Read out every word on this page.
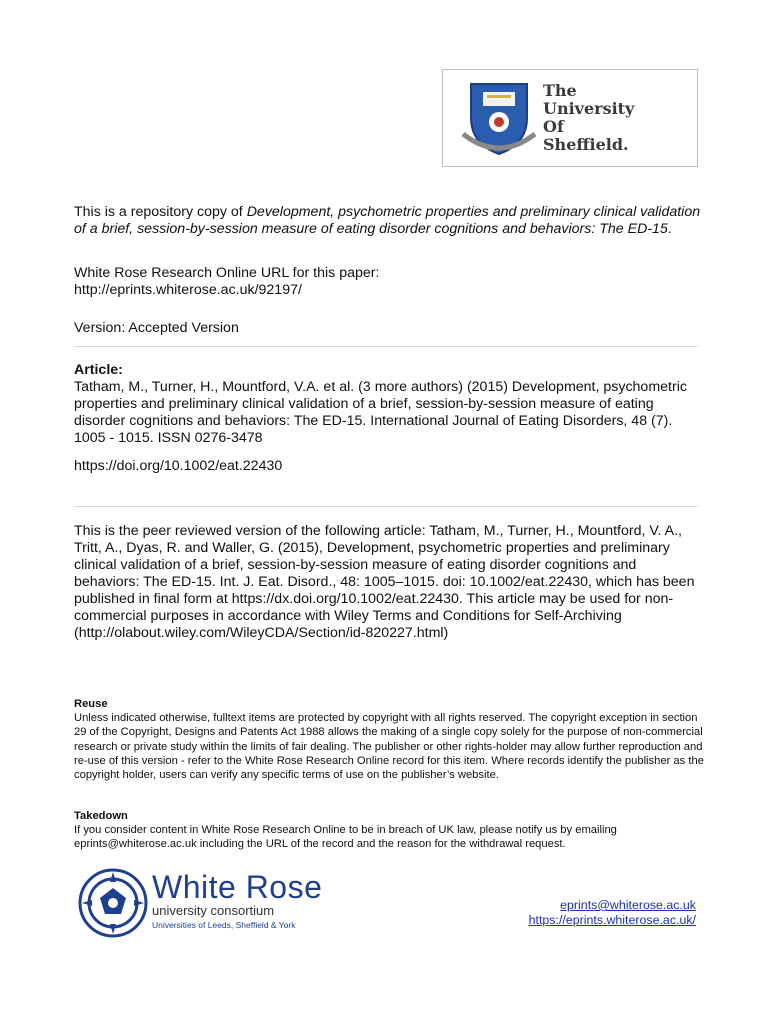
The
University
Of
Sheffield.
This is a repository copy of Development, psychometric properties and preliminary clinical validation of a brief, session-by-session measure of eating disorder cognitions and behaviors: The ED-15.
White Rose Research Online URL for this paper:
http://eprints.whiterose.ac.uk/92197/
Version: Accepted Version
Article:
Tatham, M., Turner, H., Mountford, V.A. et al. (3 more authors) (2015) Development, psychometric properties and preliminary clinical validation of a brief, session-by-session measure of eating disorder cognitions and behaviors: The ED-15. International Journal of Eating Disorders, 48 (7). 1005 - 1015. ISSN 0276-3478
https://doi.org/10.1002/eat.22430
This is the peer reviewed version of the following article: Tatham, M., Turner, H., Mountford, V. A., Tritt, A., Dyas, R. and Waller, G. (2015), Development, psychometric properties and preliminary clinical validation of a brief, session-by-session measure of eating disorder cognitions and behaviors: The ED-15. Int. J. Eat. Disord., 48: 1005–1015. doi: 10.1002/eat.22430, which has been published in final form at https://dx.doi.org/10.1002/eat.22430. This article may be used for non-commercial purposes in accordance with Wiley Terms and Conditions for Self-Archiving (http://olabout.wiley.com/WileyCDA/Section/id-820227.html)
Reuse
Unless indicated otherwise, fulltext items are protected by copyright with all rights reserved. The copyright exception in section 29 of the Copyright, Designs and Patents Act 1988 allows the making of a single copy solely for the purpose of non-commercial research or private study within the limits of fair dealing. The publisher or other rights-holder may allow further reproduction and re-use of this version - refer to the White Rose Research Online record for this item. Where records identify the publisher as the copyright holder, users can verify any specific terms of use on the publisher’s website.
Takedown
If you consider content in White Rose Research Online to be in breach of UK law, please notify us by emailing eprints@whiterose.ac.uk including the URL of the record and the reason for the withdrawal request.
White Rose
university consortium
Universities of Leeds, Sheffield & York
eprints@whiterose.ac.uk
https://eprints.whiterose.ac.uk/
